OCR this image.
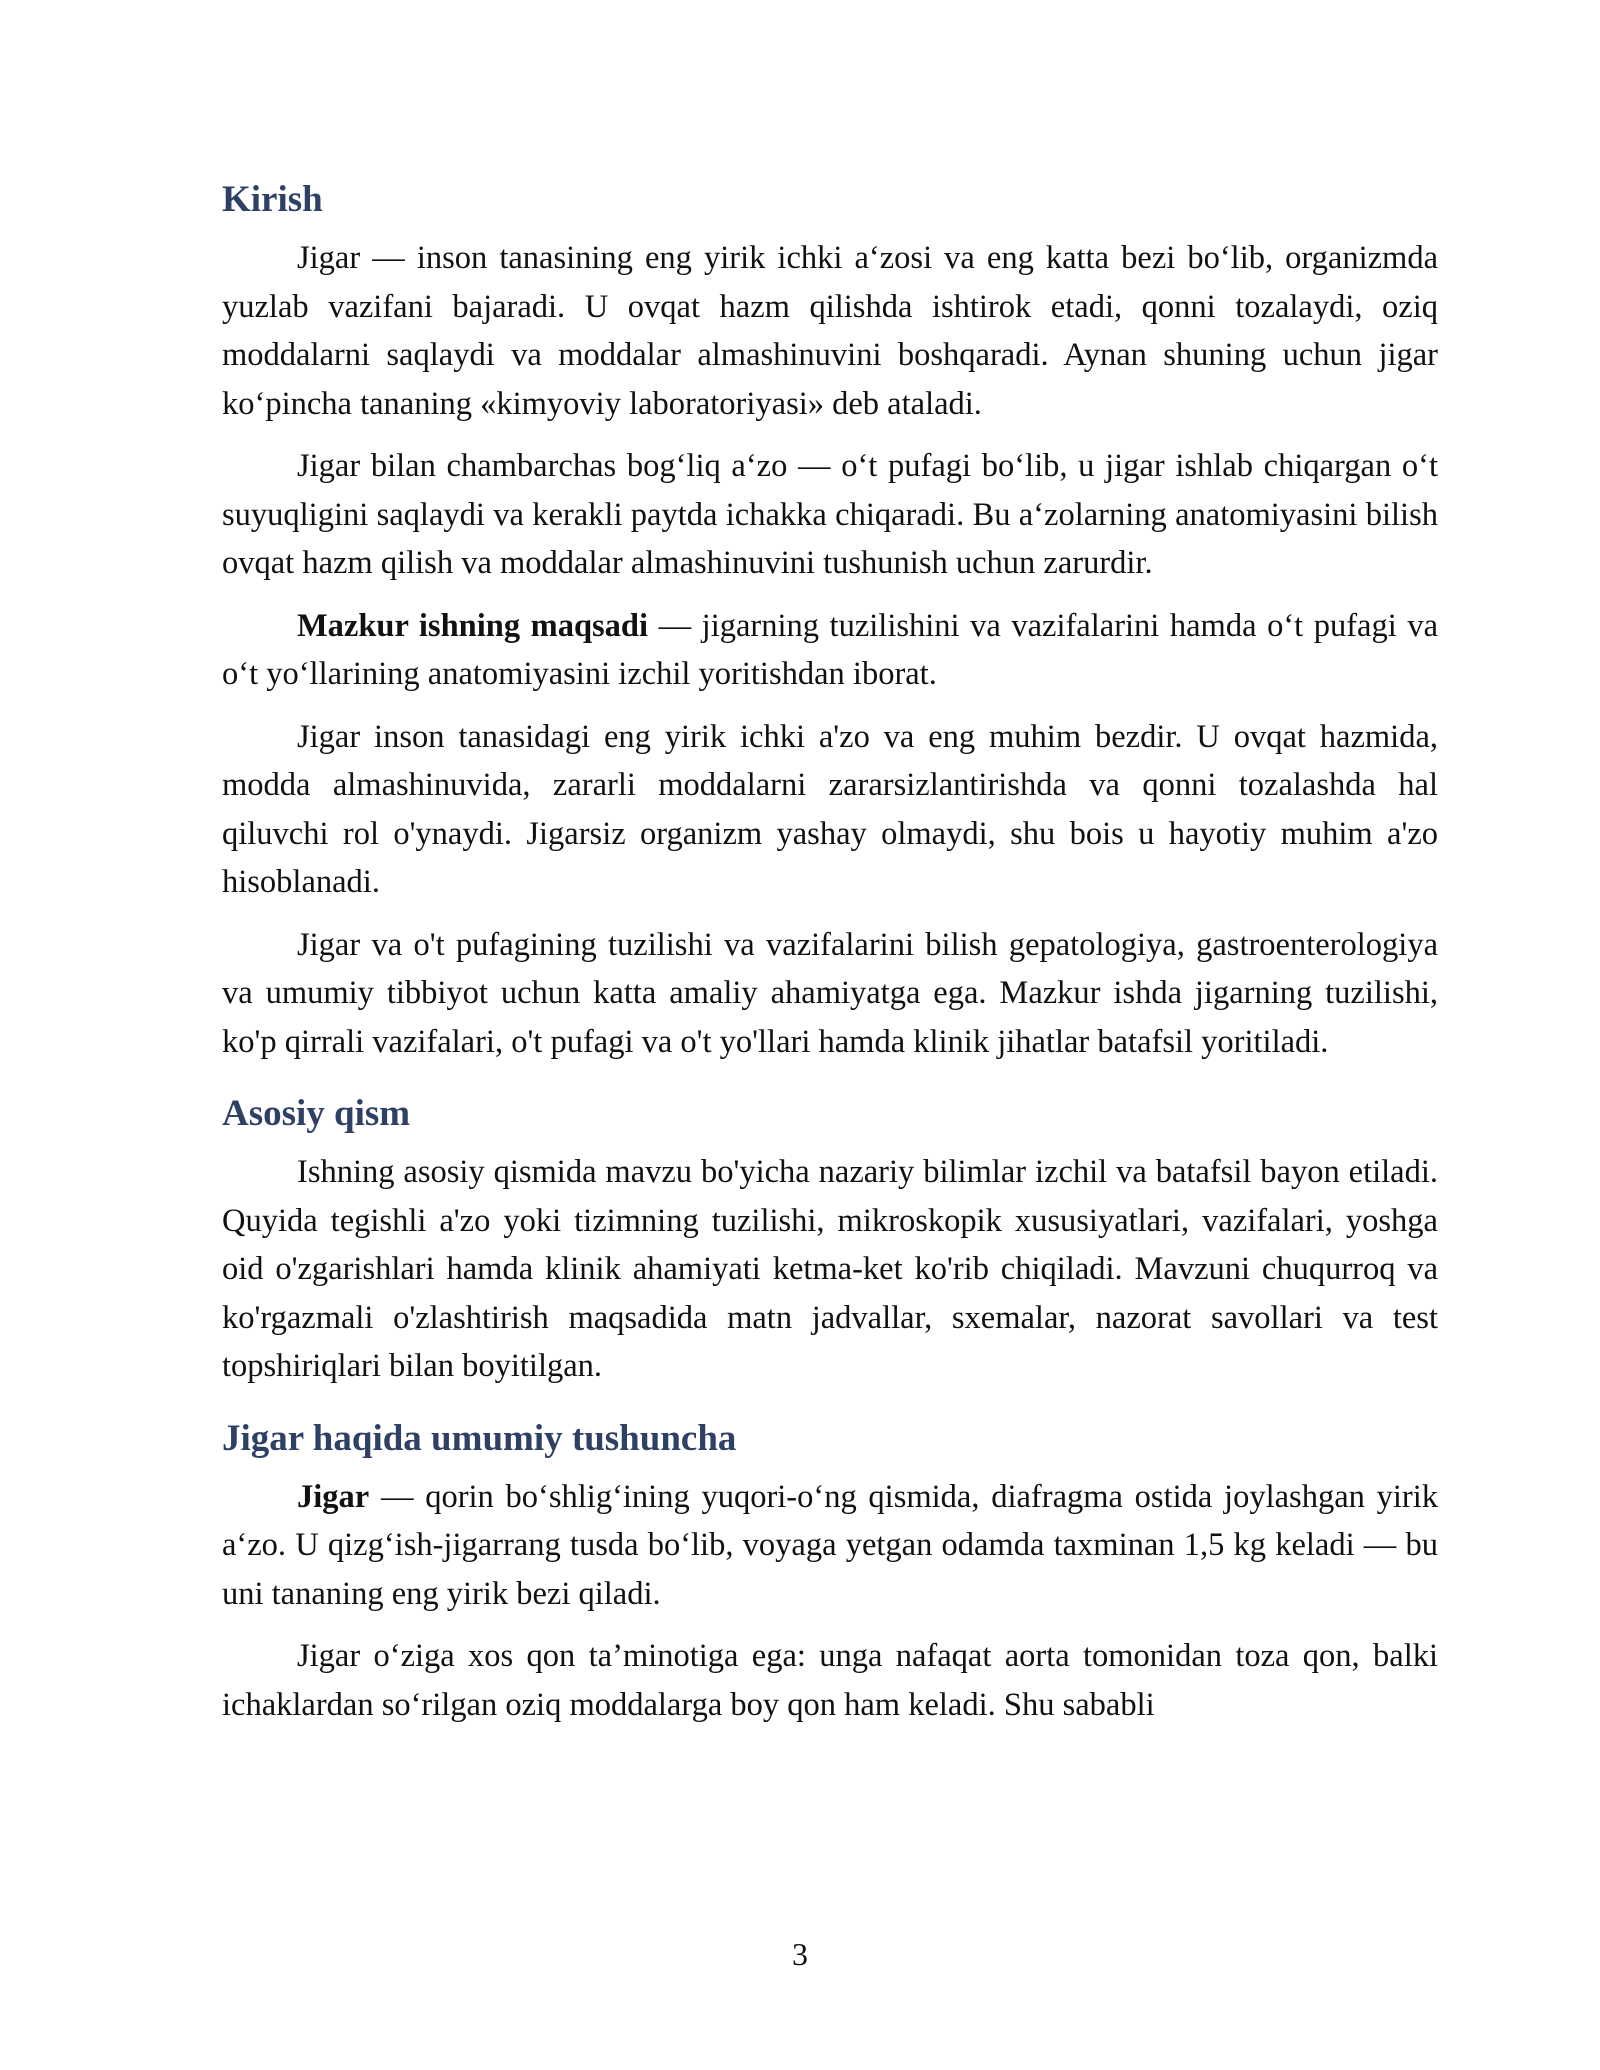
Kirish

Jigar — inson tanasining eng yirik ichki a‘zosi va eng katta bezi bo‘lib, organizmda yuzlab vazifani bajaradi. U ovqat hazm qilishda ishtirok etadi, qonni tozalaydi, oziq moddalarni saqlaydi va moddalar almashinuvini boshqaradi. Aynan shuning uchun jigar ko‘pincha tananing «kimyoviy laboratoriyasi» deb ataladi.

Jigar bilan chambarchas bog‘liq a‘zo — o‘t pufagi bo‘lib, u jigar ishlab chiqargan o‘t suyuqligini saqlaydi va kerakli paytda ichakka chiqaradi. Bu a‘zolarning anatomiyasini bilish ovqat hazm qilish va moddalar almashinuvini tushunish uchun zarurdir.

Mazkur ishning maqsadi — jigarning tuzilishini va vazifalarini hamda o‘t pufagi va o‘t yo‘llarining anatomiyasini izchil yoritishdan iborat.

Jigar inson tanasidagi eng yirik ichki a'zo va eng muhim bezdir. U ovqat hazmida, modda almashinuvida, zararli moddalarni zararsizlantirishda va qonni tozalashda hal qiluvchi rol o'ynaydi. Jigarsiz organizm yashay olmaydi, shu bois u hayotiy muhim a'zo hisoblanadi.

Jigar va o't pufagining tuzilishi va vazifalarini bilish gepatologiya, gastroenterologiya va umumiy tibbiyot uchun katta amaliy ahamiyatga ega. Mazkur ishda jigarning tuzilishi, ko'p qirrali vazifalari, o't pufagi va o't yo'llari hamda klinik jihatlar batafsil yoritiladi.

Asosiy qism

Ishning asosiy qismida mavzu bo'yicha nazariy bilimlar izchil va batafsil bayon etiladi. Quyida tegishli a'zo yoki tizimning tuzilishi, mikroskopik xususiyatlari, vazifalari, yoshga oid o'zgarishlari hamda klinik ahamiyati ketma-ket ko'rib chiqiladi. Mavzuni chuqurroq va ko'rgazmali o'zlashtirish maqsadida matn jadvallar, sxemalar, nazorat savollari va test topshiriqlari bilan boyitilgan.

Jigar haqida umumiy tushuncha

Jigar — qorin bo‘shlig‘ining yuqori-o‘ng qismida, diafragma ostida joylashgan yirik a‘zo. U qizg‘ish-jigarrang tusda bo‘lib, voyaga yetgan odamda taxminan 1,5 kg keladi — bu uni tananing eng yirik bezi qiladi.

Jigar o‘ziga xos qon ta’minotiga ega: unga nafaqat aorta tomonidan toza qon, balki ichaklardan so‘rilgan oziq moddalarga boy qon ham keladi. Shu sababli

3
